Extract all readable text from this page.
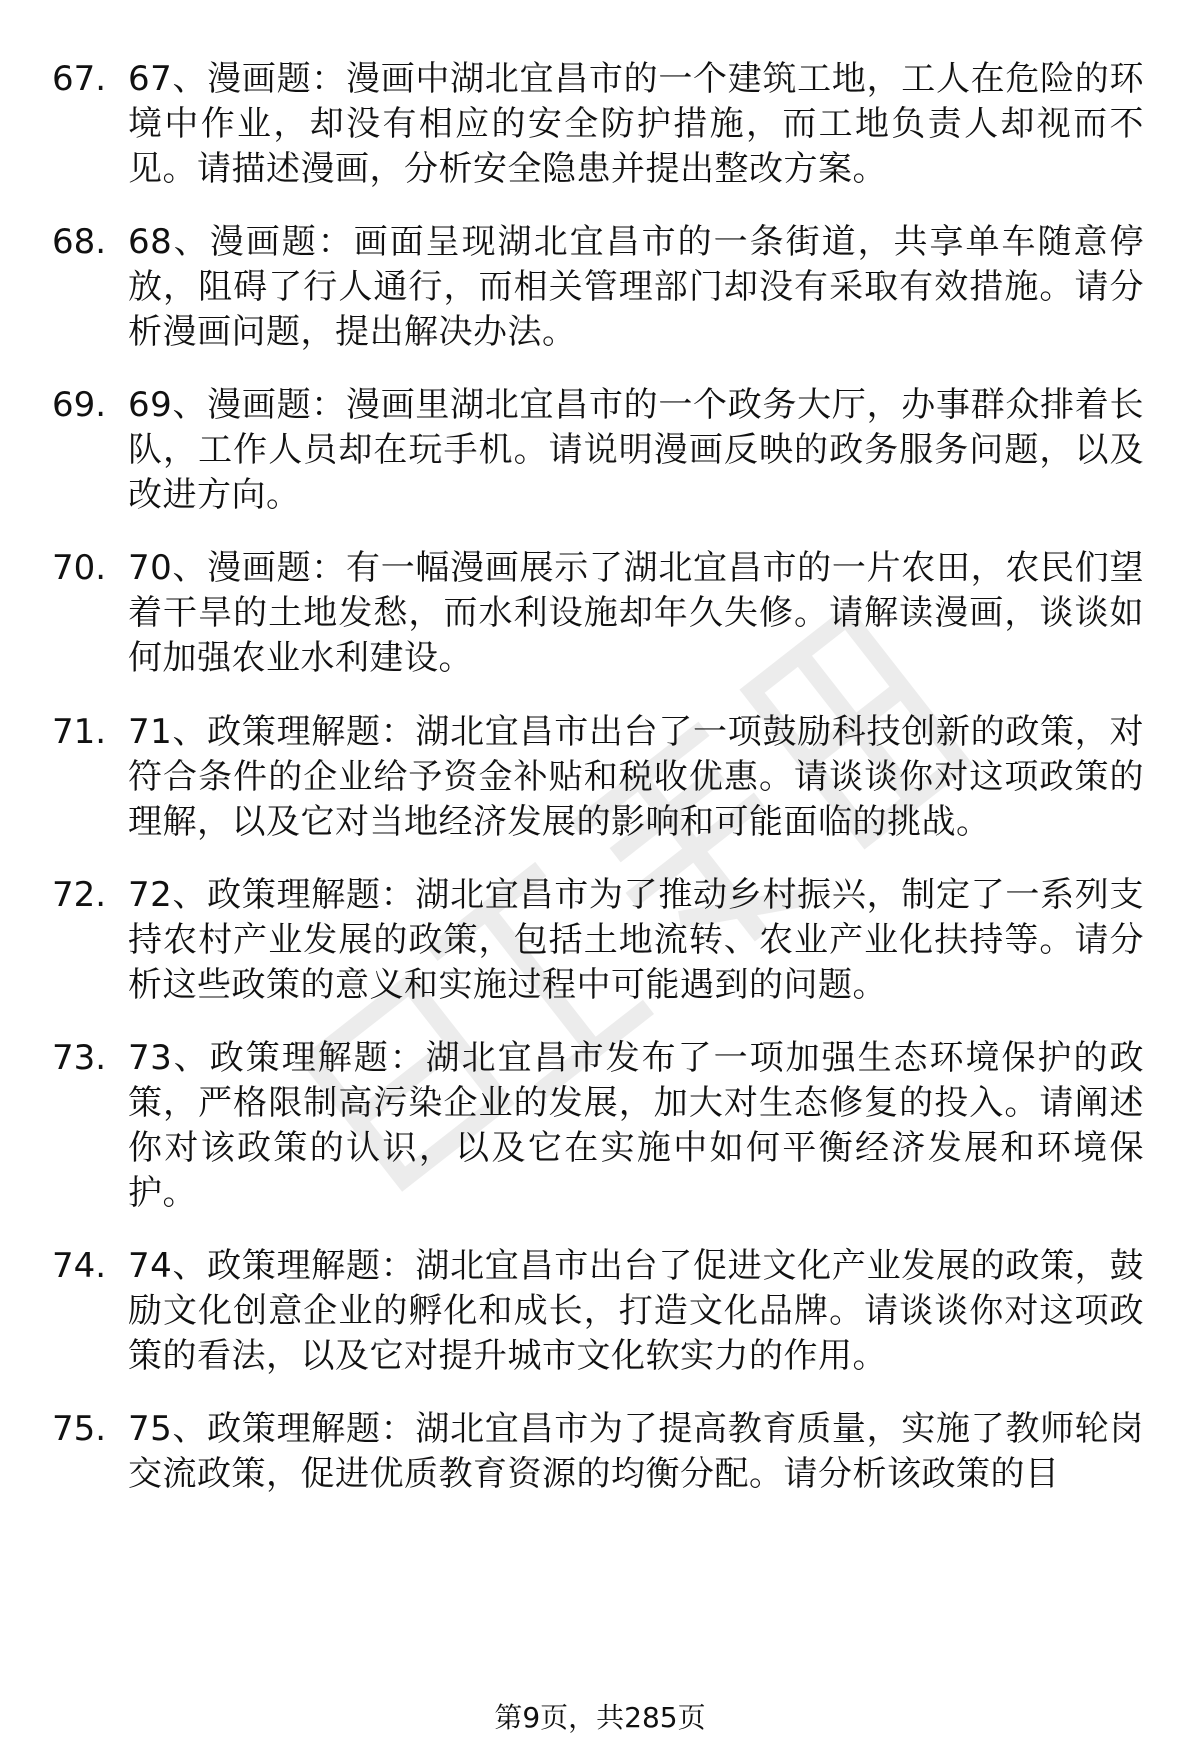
67. 67、漫画题：漫画中湖北宜昌市的一个建筑工地，工人在危险的环境中作业，却没有相应的安全防护措施，而工地负责人却视而不见。请描述漫画，分析安全隐患并提出整改方案。
68. 68、漫画题：画面呈现湖北宜昌市的一条街道，共享单车随意停放，阻碍了行人通行，而相关管理部门却没有采取有效措施。请分析漫画问题，提出解决办法。
69. 69、漫画题：漫画里湖北宜昌市的一个政务大厅，办事群众排着长队，工作人员却在玩手机。请说明漫画反映的政务服务问题，以及改进方向。
70. 70、漫画题：有一幅漫画展示了湖北宜昌市的一片农田，农民们望着干旱的土地发愁，而水利设施却年久失修。请解读漫画，谈谈如何加强农业水利建设。
71. 71、政策理解题：湖北宜昌市出台了一项鼓励科技创新的政策，对符合条件的企业给予资金补贴和税收优惠。请谈谈你对这项政策的理解，以及它对当地经济发展的影响和可能面临的挑战。
72. 72、政策理解题：湖北宜昌市为了推动乡村振兴，制定了一系列支持农村产业发展的政策，包括土地流转、农业产业化扶持等。请分析这些政策的意义和实施过程中可能遇到的问题。
73. 73、政策理解题：湖北宜昌市发布了一项加强生态环境保护的政策，严格限制高污染企业的发展，加大对生态修复的投入。请阐述你对该政策的认识，以及它在实施中如何平衡经济发展和环境保护。
74. 74、政策理解题：湖北宜昌市出台了促进文化产业发展的政策，鼓励文化创意企业的孵化和成长，打造文化品牌。请谈谈你对这项政策的看法，以及它对提升城市文化软实力的作用。
75. 75、政策理解题：湖北宜昌市为了提高教育质量，实施了教师轮岗交流政策，促进优质教育资源的均衡分配。请分析该政策的目
第9页，共285页
